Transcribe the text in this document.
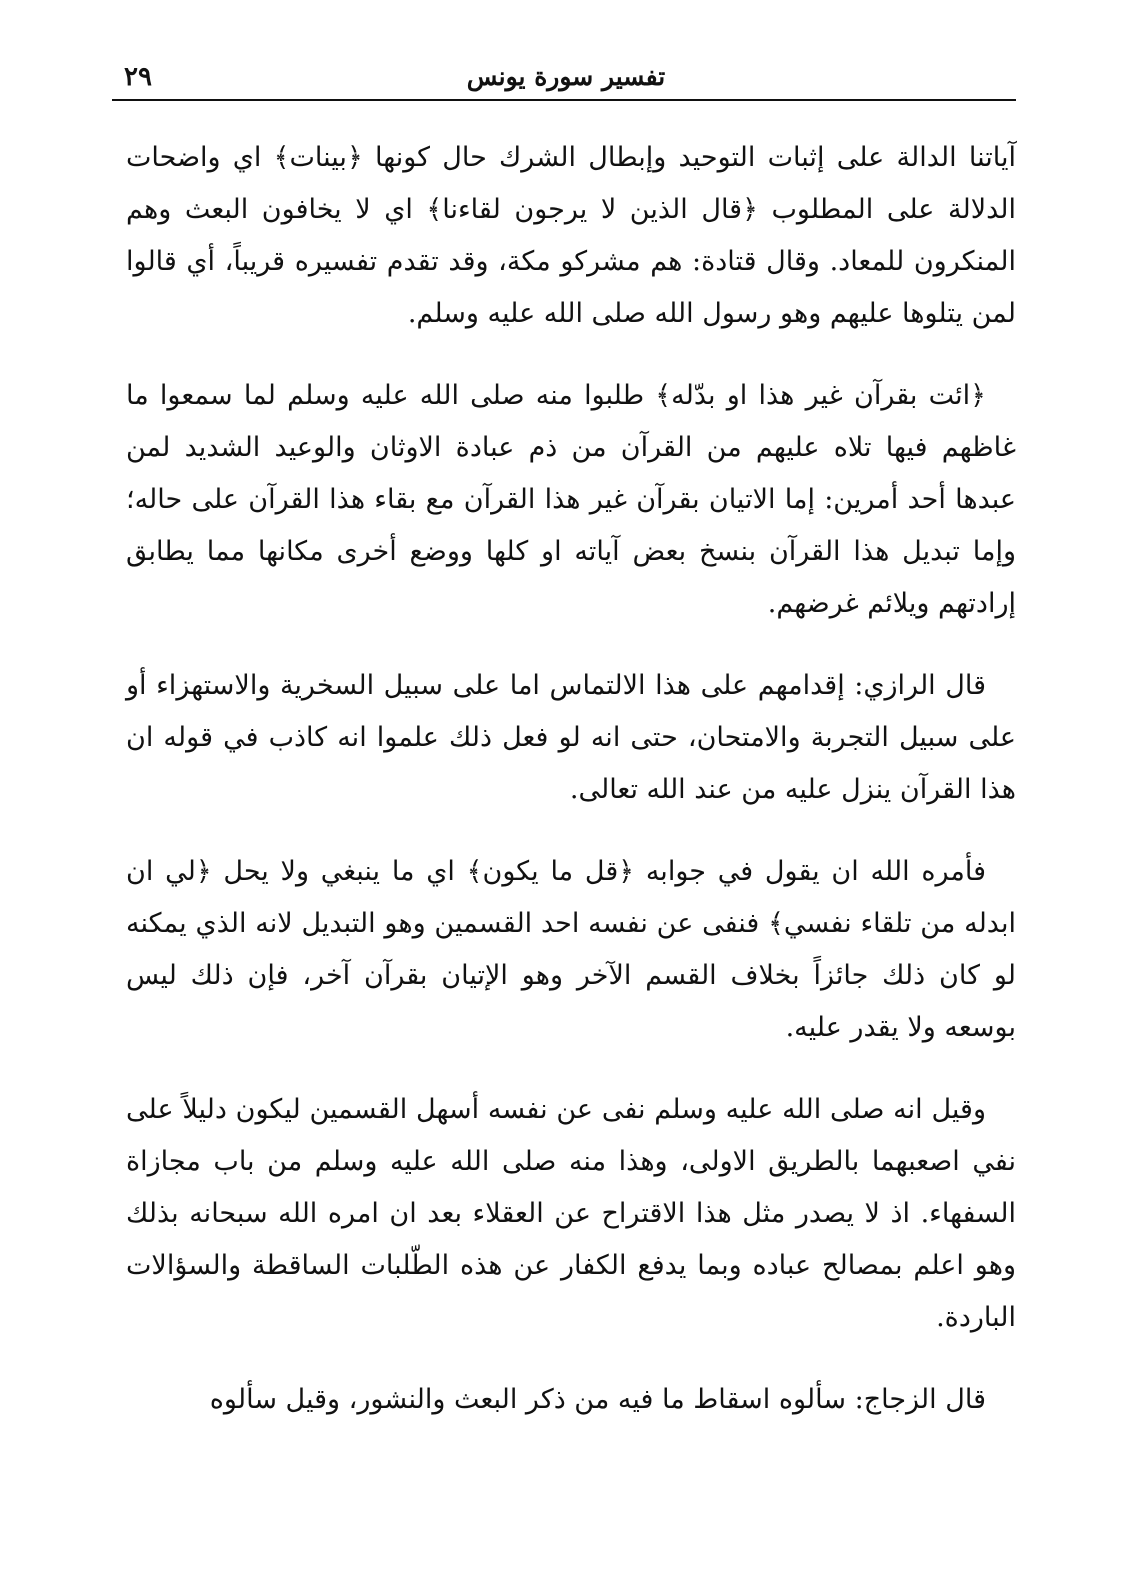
تفسير سورة يونس
٢٩

آياتنا الدالة على إثبات التوحيد وإبطال الشرك حال كونها ﴿بينات﴾ اي واضحات الدلالة على المطلوب ﴿قال الذين لا يرجون لقاءنا﴾ اي لا يخافون البعث وهم المنكرون للمعاد. وقال قتادة: هم مشركو مكة، وقد تقدم تفسيره قريباً، أي قالوا لمن يتلوها عليهم وهو رسول الله صلى الله عليه وسلم.

﴿ائت بقرآن غير هذا او بدّله﴾ طلبوا منه صلى الله عليه وسلم لما سمعوا ما غاظهم فيها تلاه عليهم من القرآن من ذم عبادة الاوثان والوعيد الشديد لمن عبدها أحد أمرين: إما الاتيان بقرآن غير هذا القرآن مع بقاء هذا القرآن على حاله؛ وإما تبديل هذا القرآن بنسخ بعض آياته او كلها ووضع أخرى مكانها مما يطابق إرادتهم ويلائم غرضهم.

قال الرازي: إقدامهم على هذا الالتماس اما على سبيل السخرية والاستهزاء أو على سبيل التجربة والامتحان، حتى انه لو فعل ذلك علموا انه كاذب في قوله ان هذا القرآن ينزل عليه من عند الله تعالى.

فأمره الله ان يقول في جوابه ﴿قل ما يكون﴾ اي ما ينبغي ولا يحل ﴿لي ان ابدله من تلقاء نفسي﴾ فنفى عن نفسه احد القسمين وهو التبديل لانه الذي يمكنه لو كان ذلك جائزاً بخلاف القسم الآخر وهو الإتيان بقرآن آخر، فإن ذلك ليس بوسعه ولا يقدر عليه.

وقيل انه صلى الله عليه وسلم نفى عن نفسه أسهل القسمين ليكون دليلاً على نفي اصعبهما بالطريق الاولى، وهذا منه صلى الله عليه وسلم من باب مجازاة السفهاء. اذ لا يصدر مثل هذا الاقتراح عن العقلاء بعد ان امره الله سبحانه بذلك وهو اعلم بمصالح عباده وبما يدفع الكفار عن هذه الطّلبات الساقطة والسؤالات الباردة.

قال الزجاج: سألوه اسقاط ما فيه من ذكر البعث والنشور، وقيل سألوه
